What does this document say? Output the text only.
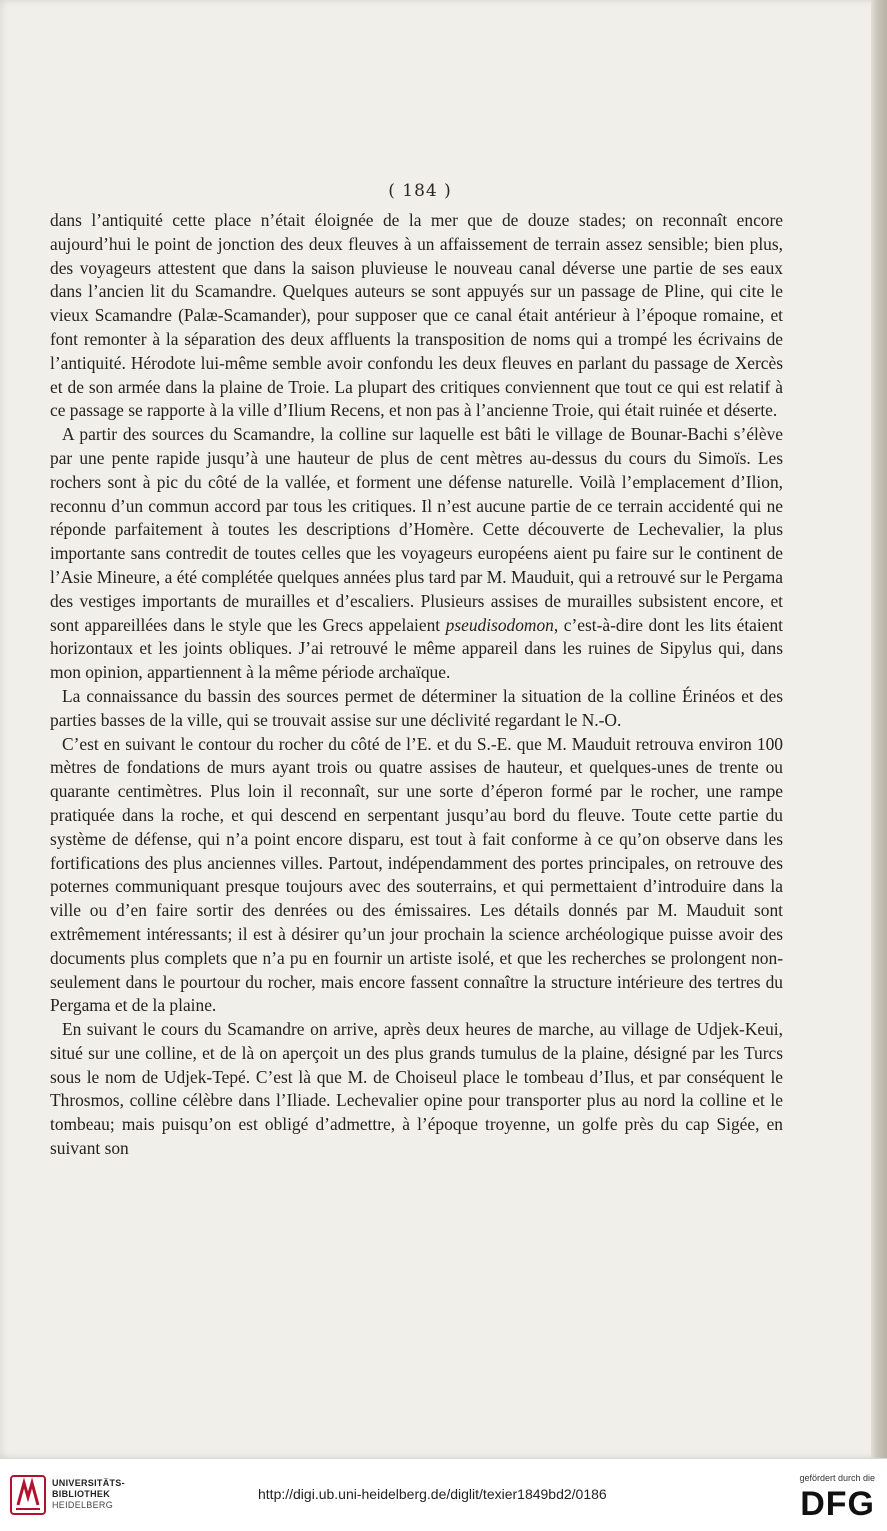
( 184 )

dans l’antiquité cette place n’était éloignée de la mer que de douze stades; on reconnaît encore aujourd’hui le point de jonction des deux fleuves à un affaissement de terrain assez sensible; bien plus, des voyageurs attestent que dans la saison pluvieuse le nouveau canal déverse une partie de ses eaux dans l’ancien lit du Scamandre. Quelques auteurs se sont appuyés sur un passage de Pline, qui cite le vieux Scamandre (Palæ-Scamander), pour supposer que ce canal était antérieur à l’époque romaine, et font remonter à la séparation des deux affluents la transposition de noms qui a trompé les écrivains de l’antiquité. Hérodote lui-même semble avoir confondu les deux fleuves en parlant du passage de Xercès et de son armée dans la plaine de Troie. La plupart des critiques conviennent que tout ce qui est relatif à ce passage se rapporte à la ville d’Ilium Recens, et non pas à l’ancienne Troie, qui était ruinée et déserte.

A partir des sources du Scamandre, la colline sur laquelle est bâti le village de Bounar-Bachi s’élève par une pente rapide jusqu’à une hauteur de plus de cent mètres au-dessus du cours du Simoïs. Les rochers sont à pic du côté de la vallée, et forment une défense naturelle. Voilà l’emplacement d’Ilion, reconnu d’un commun accord par tous les critiques. Il n’est aucune partie de ce terrain accidenté qui ne réponde parfaitement à toutes les descriptions d’Homère. Cette découverte de Lechevalier, la plus importante sans contredit de toutes celles que les voyageurs européens aient pu faire sur le continent de l’Asie Mineure, a été complétée quelques années plus tard par M. Mauduit, qui a retrouvé sur le Pergama des vestiges importants de murailles et d’escaliers. Plusieurs assises de murailles subsistent encore, et sont appareillées dans le style que les Grecs appelaient pseudisodomon, c’est-à-dire dont les lits étaient horizontaux et les joints obliques. J’ai retrouvé le même appareil dans les ruines de Sipylus qui, dans mon opinion, appartiennent à la même période archaïque.

La connaissance du bassin des sources permet de déterminer la situation de la colline Érinéos et des parties basses de la ville, qui se trouvait assise sur une déclivité regardant le N.-O.

C’est en suivant le contour du rocher du côté de l’E. et du S.-E. que M. Mauduit retrouva environ 100 mètres de fondations de murs ayant trois ou quatre assises de hauteur, et quelques-unes de trente ou quarante centimètres. Plus loin il reconnaît, sur une sorte d’éperon formé par le rocher, une rampe pratiquée dans la roche, et qui descend en serpentant jusqu’au bord du fleuve. Toute cette partie du système de défense, qui n’a point encore disparu, est tout à fait conforme à ce qu’on observe dans les fortifications des plus anciennes villes. Partout, indépendamment des portes principales, on retrouve des poternes communiquant presque toujours avec des souterrains, et qui permettaient d’introduire dans la ville ou d’en faire sortir des denrées ou des émissaires. Les détails donnés par M. Mauduit sont extrêmement intéressants; il est à désirer qu’un jour prochain la science archéologique puisse avoir des documents plus complets que n’a pu en fournir un artiste isolé, et que les recherches se prolongent non-seulement dans le pourtour du rocher, mais encore fassent connaître la structure intérieure des tertres du Pergama et de la plaine.

En suivant le cours du Scamandre on arrive, après deux heures de marche, au village de Udjek-Keui, situé sur une colline, et de là on aperçoit un des plus grands tumulus de la plaine, désigné par les Turcs sous le nom de Udjek-Tepé. C’est là que M. de Choiseul place le tombeau d’Ilus, et par conséquent le Throsmos, colline célèbre dans l’Iliade. Lechevalier opine pour transporter plus au nord la colline et le tombeau; mais puisqu’on est obligé d’admettre, à l’époque troyenne, un golfe près du cap Sigée, en suivant son

UNIVERSITÄTS-
BIBLIOTHEK
HEIDELBERG
http://digi.ub.uni-heidelberg.de/diglit/texier1849bd2/0186
gefördert durch die
DFG
